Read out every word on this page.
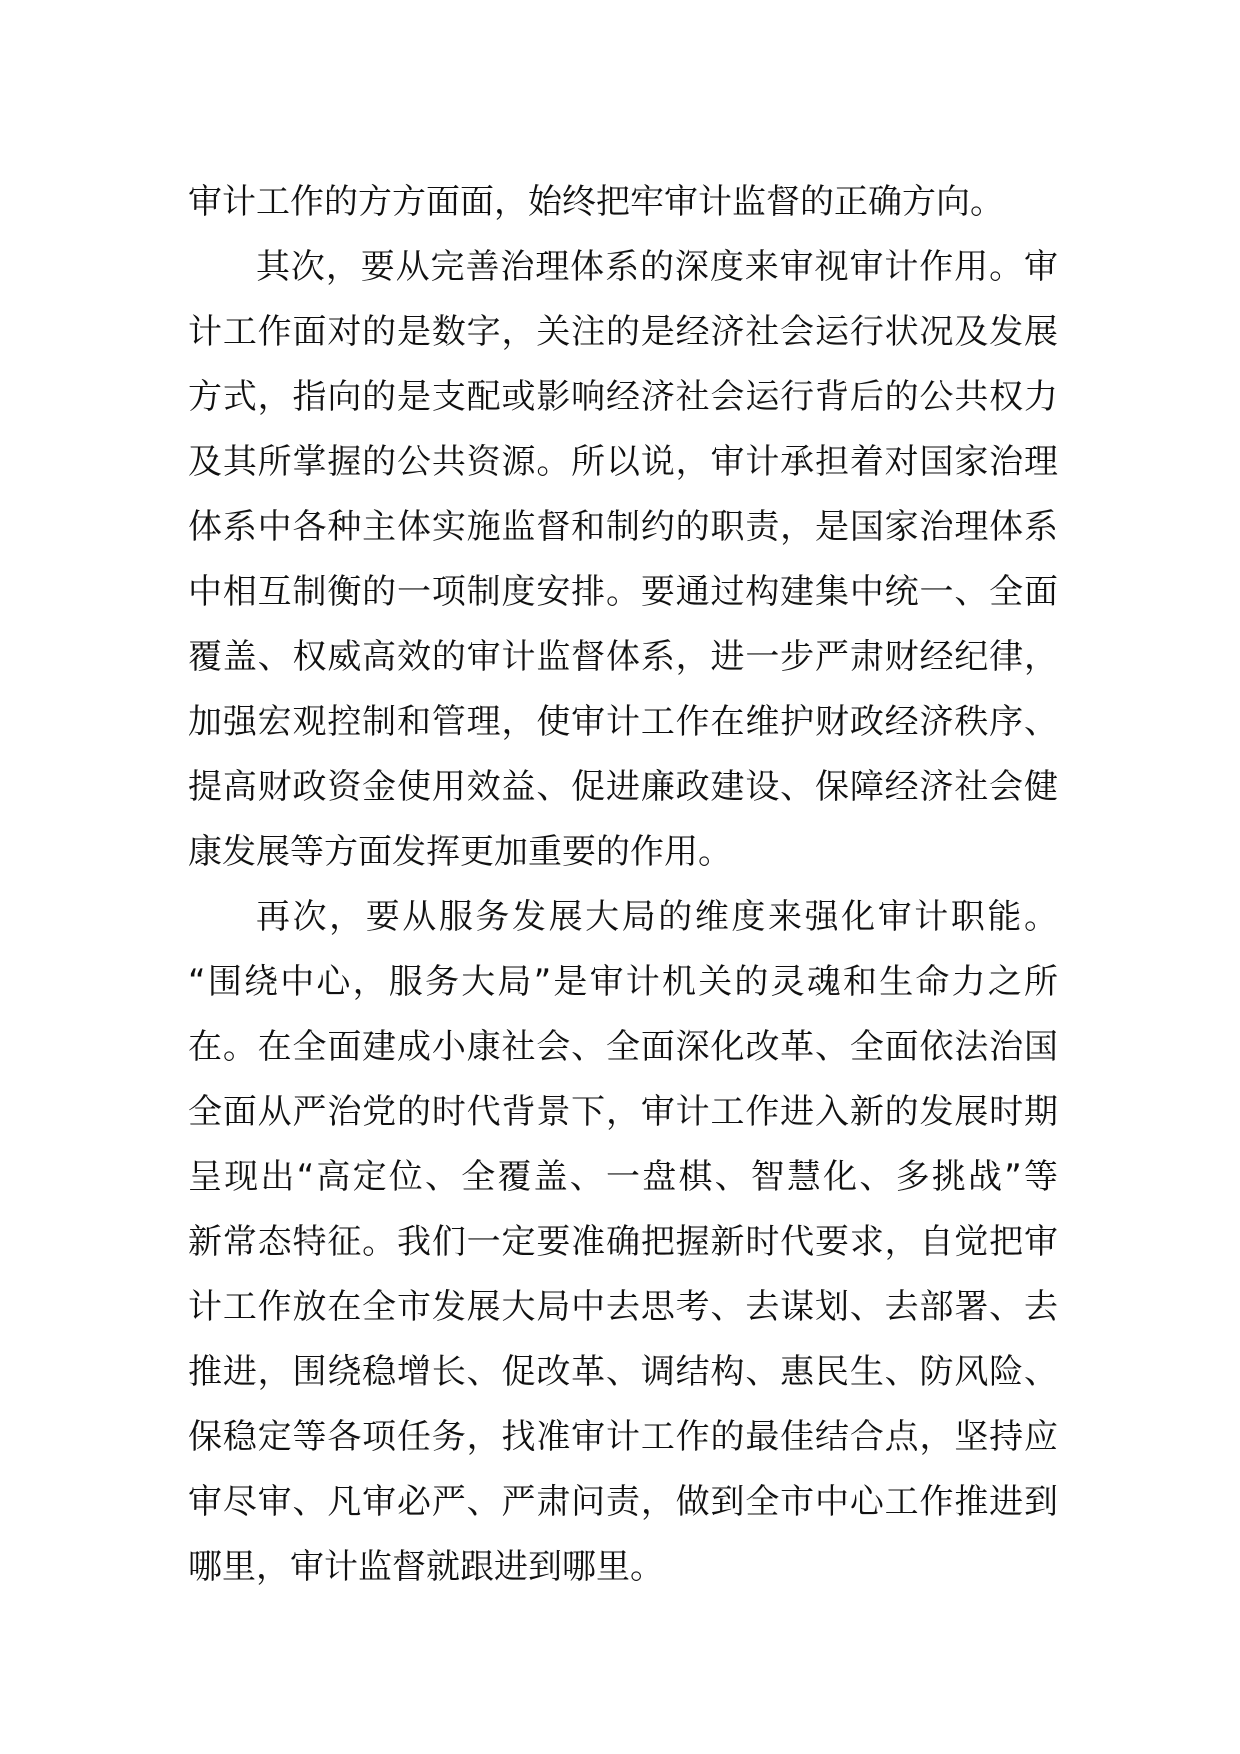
审计工作的方方面面，始终把牢审计监督的正确方向。
其次，要从完善治理体系的深度来审视审计作用。审
计工作面对的是数字，关注的是经济社会运行状况及发展
方式，指向的是支配或影响经济社会运行背后的公共权力
及其所掌握的公共资源。所以说，审计承担着对国家治理
体系中各种主体实施监督和制约的职责，是国家治理体系
中相互制衡的一项制度安排。要通过构建集中统一、全面
覆盖、权威高效的审计监督体系，进一步严肃财经纪律，
加强宏观控制和管理，使审计工作在维护财政经济秩序、
提高财政资金使用效益、促进廉政建设、保障经济社会健
康发展等方面发挥更加重要的作用。
再次，要从服务发展大局的维度来强化审计职能。
“围绕中心，服务大局”是审计机关的灵魂和生命力之所
在。在全面建成小康社会、全面深化改革、全面依法治国
全面从严治党的时代背景下，审计工作进入新的发展时期
呈现出“高定位、全覆盖、一盘棋、智慧化、多挑战”等
新常态特征。我们一定要准确把握新时代要求，自觉把审
计工作放在全市发展大局中去思考、去谋划、去部署、去
推进，围绕稳增长、促改革、调结构、惠民生、防风险、
保稳定等各项任务，找准审计工作的最佳结合点，坚持应
审尽审、凡审必严、严肃问责，做到全市中心工作推进到
哪里，审计监督就跟进到哪里。
